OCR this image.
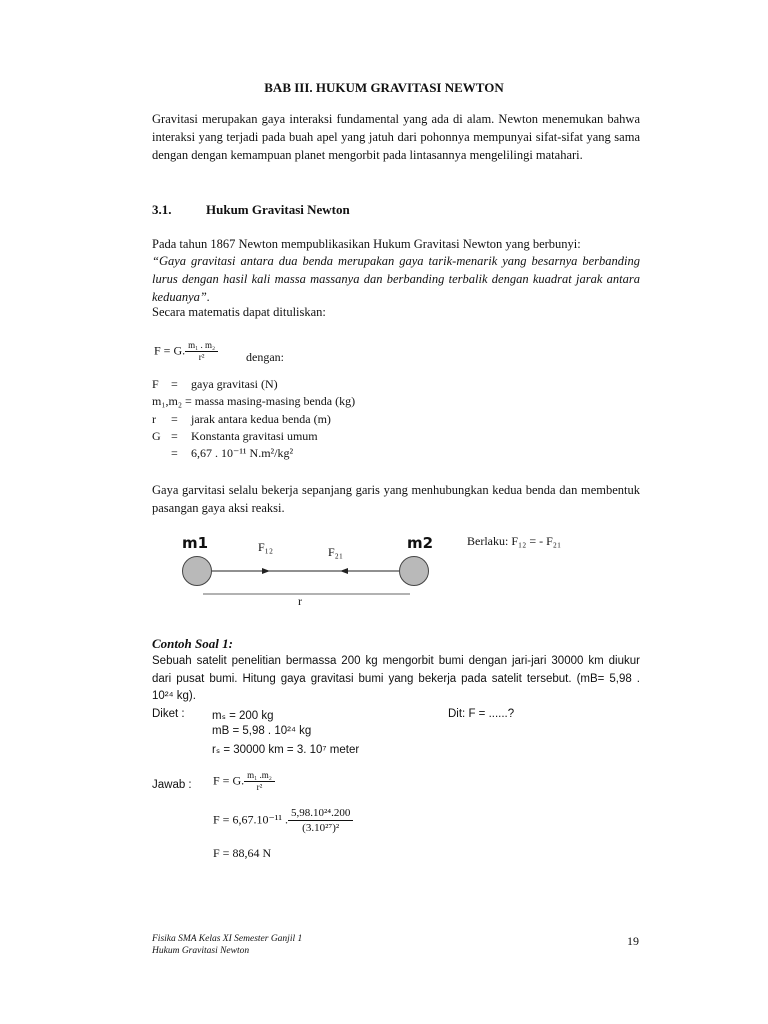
BAB III. HUKUM GRAVITASI NEWTON
Gravitasi merupakan gaya interaksi fundamental yang ada di alam. Newton menemukan bahwa interaksi yang terjadi pada buah apel yang jatuh dari pohonnya mempunyai sifat-sifat yang sama dengan dengan kemampuan planet mengorbit pada lintasannya mengelilingi matahari.
3.1.	Hukum Gravitasi Newton
Pada tahun 1867 Newton mempublikasikan Hukum Gravitasi Newton yang berbunyi:
“Gaya gravitasi antara dua benda merupakan gaya tarik-menarik yang besarnya berbanding lurus dengan hasil kali massa massanya dan berbanding terbalik dengan kuadrat jarak antara keduanya”.
Secara matematis dapat dituliskan:
F = G. $\frac{\text{m₁ . m₂}}{\text{r²}}$ dengan:
F = gaya gravitasi (N)
m₁,m₂ = massa masing-masing benda (kg)
r = jarak antara kedua benda (m)
G = Konstanta gravitasi umum
= 6,67 . 10⁻¹¹ N.m²/kg²
Gaya garvitasi selalu bekerja sepanjang garis yang menhubungkan kedua benda dan membentuk pasangan gaya aksi reaksi.
m1	m2
F₁₂	F₂₁
r
Berlaku: F₁₂ = - F₂₁
Contoh Soal 1:
Sebuah satelit penelitian bermassa 200 kg mengorbit bumi dengan jari-jari 30000 km diukur
dari pusat bumi. Hitung gaya gravitasi bumi yang bekerja pada satelit tersebut. (mB= 5,98 .
10²⁴ kg).
Diket : mₛ = 200 kg
mB = 5,98 . 10²⁴ kg
rₛ = 30000 km = 3. 10⁷ meter
Dit: F = ......?
Jawab : F = G. $\frac{\text{m₁ .m₂}}{\text{r²}}$
F = 6,67.10⁻¹¹ . $\frac{\text{5,98.10²⁴.200}}{\text{(3.10²⁷)²}}$
F = 88,64 N
Fisika SMA Kelas XI Semester Ganjil 1
Hukum Gravitasi Newton
19
